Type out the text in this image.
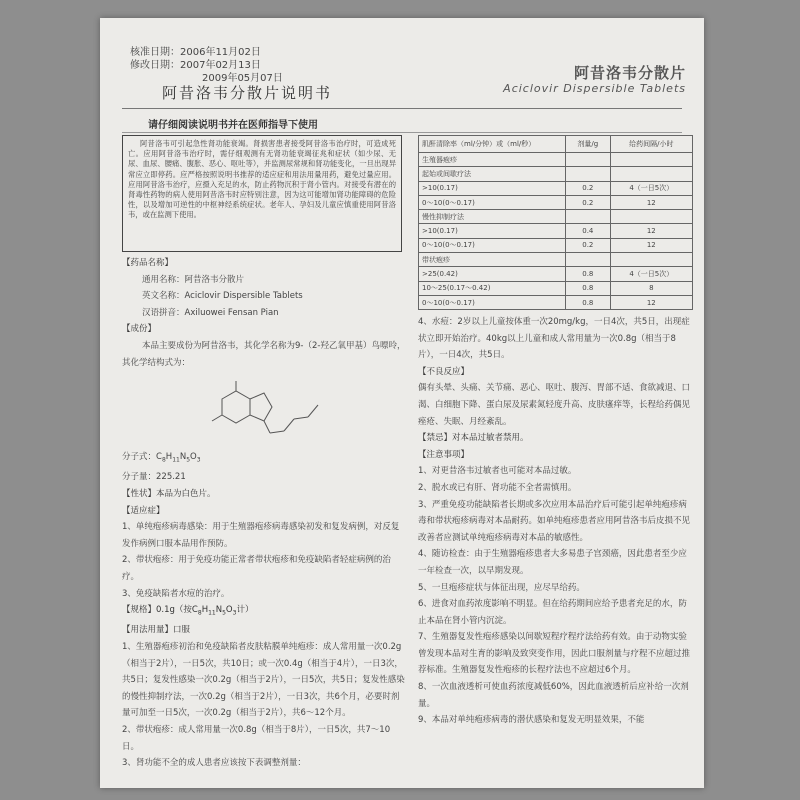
核准日期：2006年11月02日
修改日期：2007年02月13日
2009年05月07日	阿昔洛韦分散片
Aciclovir Dispersible Tablets
阿昔洛韦分散片说明书
请仔细阅读说明书并在医师指导下使用
阿昔洛韦可引起急性肾功能衰竭。肾损害患者接受阿昔洛韦治疗时，可造成死亡。应用阿昔洛韦治疗时，需仔细观测有无肾功能衰竭征兆和症状（如少尿、无尿、血尿、腰痛、腹胀、恶心、呕吐等），并监测尿常规和肾功能变化，一旦出现异常应立即停药。应严格按照说明书推荐的适应症和用法用量用药，避免过量应用。应用阿昔洛韦治疗，应摄入充足的水，防止药物沉积于肾小管内。对接受有潜在的肾毒性药物的病人使用阿昔洛韦时应特别注意，因为这可能增加肾功能障碍的危险性，以及增加可逆性的中枢神经系统症状。老年人、孕妇及儿童应慎重使用阿昔洛韦，或在监测下使用。
肌酐清除率（ml/分钟）或（ml/秒）	剂量/g	给药间隔/小时
生殖器疱疹		
起始或间歇疗法		
>10(0.17)	0.2	4（一日5次）
0～10(0～0.17)	0.2	12
慢性抑制疗法		
>10(0.17)	0.4	12
0～10(0～0.17)	0.2	12
带状疱疹		
>25(0.42)	0.8	4（一日5次）
10～25(0.17～0.42)	0.8	8
0～10(0～0.17)	0.8	12

【药品名称】

通用名称：阿昔洛韦分散片

英文名称：Aciclovir Dispersible Tablets

汉语拼音：Axiluowei Fensan Pian

【成份】

本品主要成份为阿昔洛韦，其化学名称为9-（2-羟乙氧甲基）鸟嘌呤，其化学结构式为：

分子式：$C_8H_{11}N_5O_3$

分子量：225.21

【性状】本品为白色片。

【适应症】

1、单纯疱疹病毒感染：用于生殖器疱疹病毒感染初发和复发病例，对反复发作病例口服本品用作预防。

2、带状疱疹：用于免疫功能正常者带状疱疹和免疫缺陷者轻症病例的治疗。

3、免疫缺陷者水痘的治疗。

【规格】0.1g（按$C_8H_{11}N_5O_3$计）

【用法用量】口服

1、生殖器疱疹初治和免疫缺陷者皮肤粘膜单纯疱疹：成人常用量一次0.2g（相当于2片），一日5次，共10日；或一次0.4g（相当于4片），一日3次，共5日；复发性感染一次0.2g（相当于2片），一日5次，共5日；复发性感染的慢性抑制疗法，一次0.2g（相当于2片），一日3次，共6个月，必要时剂量可加至一日5次，一次0.2g（相当于2片），共6～12个月。

2、带状疱疹：成人常用量一次0.8g（相当于8片），一日5次，共7～10日。

3、肾功能不全的成人患者应该按下表调整剂量：

4、水痘：2岁以上儿童按体重一次20mg/kg，一日4次，共5日，出现症状立即开始治疗。40kg以上儿童和成人常用量为一次0.8g（相当于8片），一日4次，共5日。

【不良反应】

偶有头晕、头痛、关节痛、恶心、呕吐、腹泻、胃部不适、食欲减退、口渴、白细胞下降、蛋白尿及尿素氮轻度升高、皮肤瘙痒等，长程给药偶见痤疮、失眠、月经紊乱。

【禁忌】对本品过敏者禁用。

【注意事项】

1、对更昔洛韦过敏者也可能对本品过敏。

2、脱水或已有肝、肾功能不全者需慎用。

3、严重免疫功能缺陷者长期或多次应用本品治疗后可能引起单纯疱疹病毒和带状疱疹病毒对本品耐药。如单纯疱疹患者应用阿昔洛韦后皮损不见改善者应测试单纯疱疹病毒对本品的敏感性。

4、随访检查：由于生殖器疱疹患者大多易患子宫颈癌，因此患者至少应一年检查一次，以早期发现。

5、一旦疱疹症状与体征出现，应尽早给药。

6、进食对血药浓度影响不明显。但在给药期间应给予患者充足的水，防止本品在肾小管内沉淀。

7、生殖器复发性疱疹感染以间歇短程疗程疗法给药有效。由于动物实验曾发现本品对生育的影响及致突变作用，因此口服剂量与疗程不应超过推荐标准。生殖器复发性疱疹的长程疗法也不应超过6个月。

8、一次血液透析可使血药浓度减低60%，因此血液透析后应补给一次剂量。

9、本品对单纯疱疹病毒的潜伏感染和复发无明显效果，不能
